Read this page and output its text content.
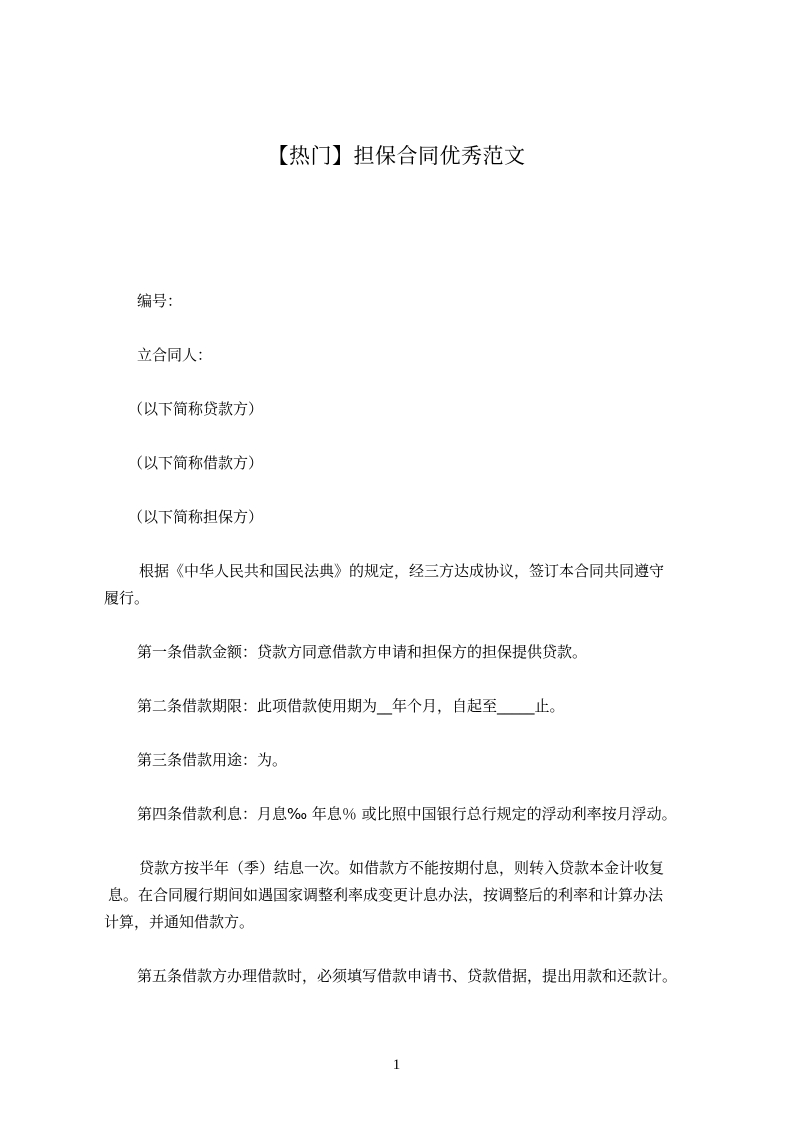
【热门】担保合同优秀范文
编号：
立合同人：
（以下简称贷款方）
（以下简称借款方）
（以下简称担保方）
根据《中华人民共和国民法典》的规定，经三方达成协议，签订本合同共同遵守
履行。
第一条借款金额：贷款方同意借款方申请和担保方的担保提供贷款。
第二条借款期限：此项借款使用期为__年个月，自起至_____止。
第三条借款用途：为。
第四条借款利息：月息‰ 年息％ 或比照中国银行总行规定的浮动利率按月浮动。
贷款方按半年（季）结息一次。如借款方不能按期付息，则转入贷款本金计收复
息。在合同履行期间如遇国家调整利率成变更计息办法，按调整后的利率和计算办法
计算，并通知借款方。
第五条借款方办理借款时，必须填写借款申请书、贷款借据，提出用款和还款计。
1
